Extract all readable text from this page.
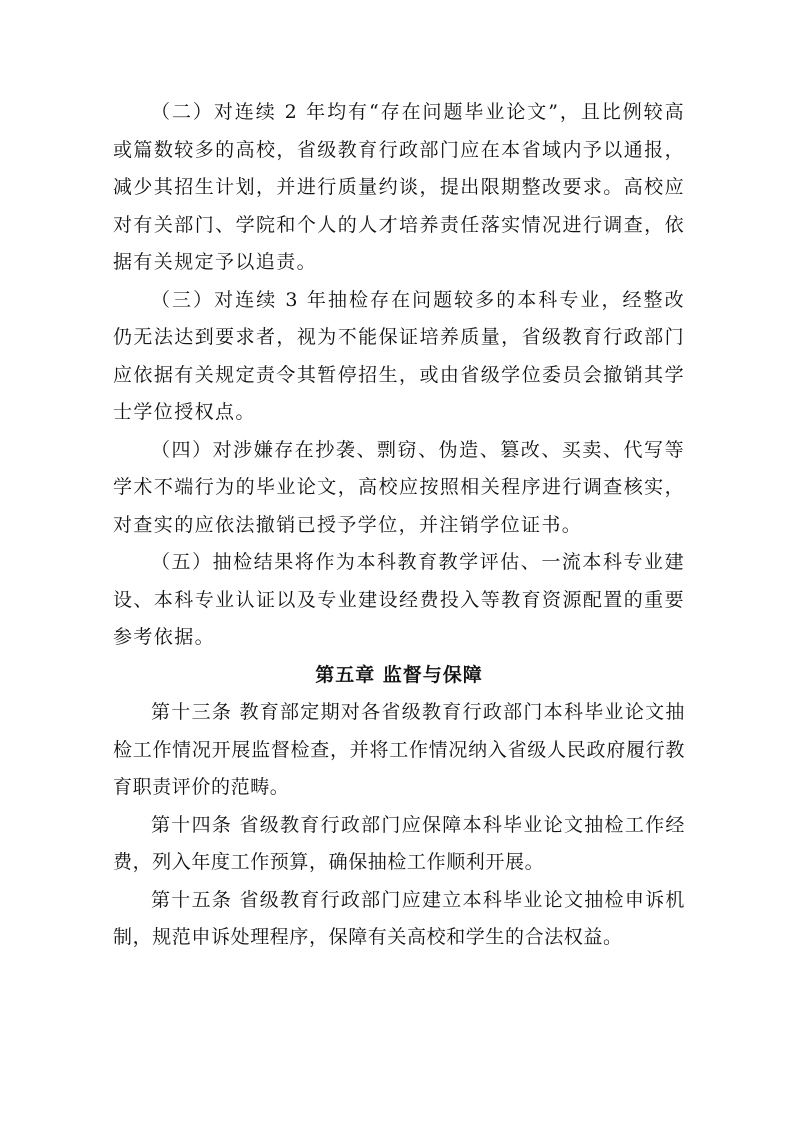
（二）对连续 2 年均有“存在问题毕业论文”，且比例较高或篇数较多的高校，省级教育行政部门应在本省域内予以通报，减少其招生计划，并进行质量约谈，提出限期整改要求。高校应对有关部门、学院和个人的人才培养责任落实情况进行调查，依据有关规定予以追责。

（三）对连续 3 年抽检存在问题较多的本科专业，经整改仍无法达到要求者，视为不能保证培养质量，省级教育行政部门应依据有关规定责令其暂停招生，或由省级学位委员会撤销其学士学位授权点。

（四）对涉嫌存在抄袭、剽窃、伪造、篡改、买卖、代写等学术不端行为的毕业论文，高校应按照相关程序进行调查核实，对查实的应依法撤销已授予学位，并注销学位证书。

（五）抽检结果将作为本科教育教学评估、一流本科专业建设、本科专业认证以及专业建设经费投入等教育资源配置的重要参考依据。

第五章 监督与保障

第十三条 教育部定期对各省级教育行政部门本科毕业论文抽检工作情况开展监督检查，并将工作情况纳入省级人民政府履行教育职责评价的范畴。

第十四条 省级教育行政部门应保障本科毕业论文抽检工作经费，列入年度工作预算，确保抽检工作顺利开展。

第十五条 省级教育行政部门应建立本科毕业论文抽检申诉机制，规范申诉处理程序，保障有关高校和学生的合法权益。
